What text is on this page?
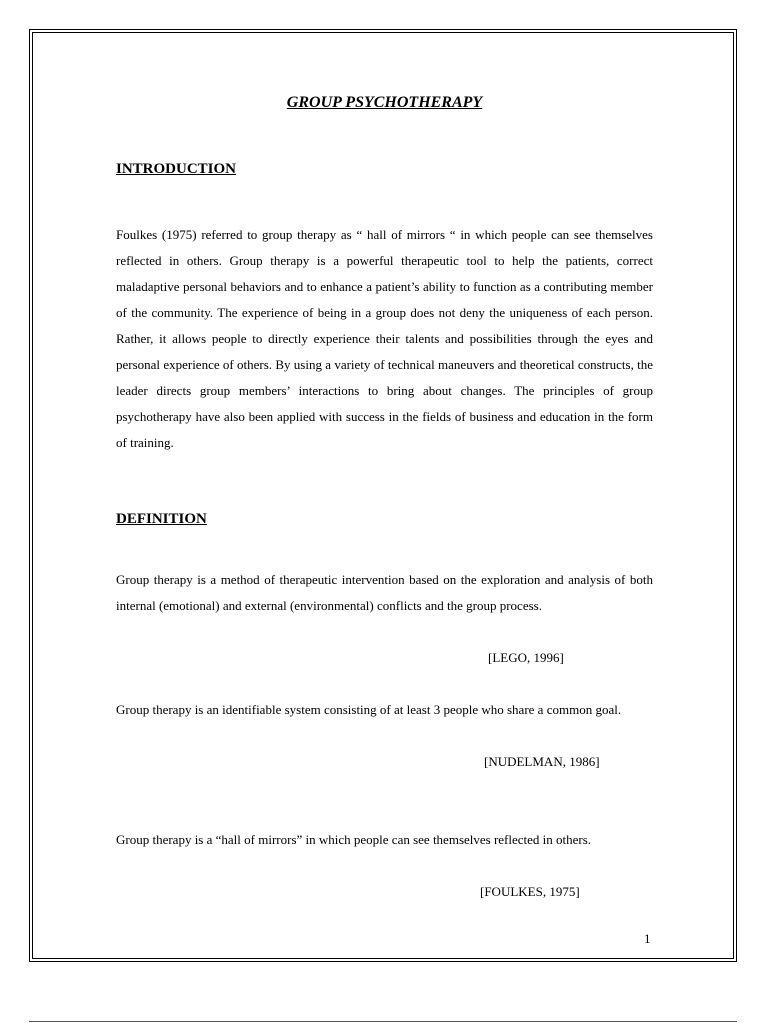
GROUP PSYCHOTHERAPY
INTRODUCTION

Foulkes (1975) referred to group therapy as “ hall of mirrors “ in which people can see themselves reflected in others. Group therapy is a powerful therapeutic tool to help the patients, correct maladaptive personal behaviors and to enhance a patient’s ability to function as a contributing member of the community. The experience of being in a group does not deny the uniqueness of each person. Rather, it allows people to directly experience their talents and possibilities through the eyes and personal experience of others. By using a variety of technical maneuvers and theoretical constructs, the leader directs group members’ interactions to bring about changes. The principles of group psychotherapy have also been applied with success in the fields of business and education in the form of training.

DEFINITION

Group therapy is a method of therapeutic intervention based on the exploration and analysis of both internal (emotional) and external (environmental) conflicts and the group process.

[LEGO, 1996]

Group therapy is an identifiable system consisting of at least 3 people who share a common goal.

[NUDELMAN, 1986]

Group therapy is a “hall of mirrors” in which people can see themselves reflected in others.

[FOULKES, 1975]

1
